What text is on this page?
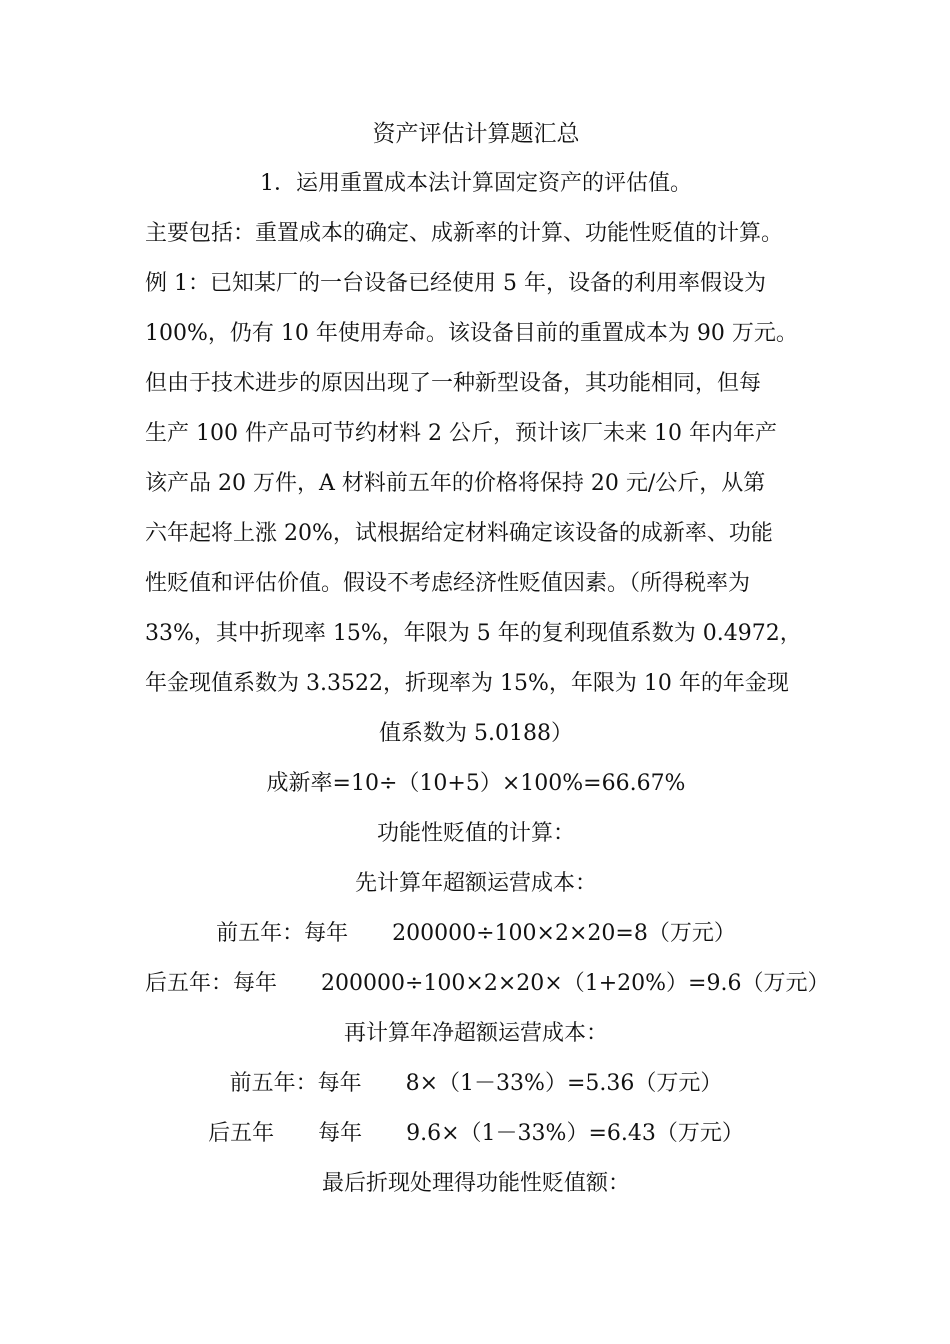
资产评估计算题汇总
1．运用重置成本法计算固定资产的评估值。
主要包括：重置成本的确定、成新率的计算、功能性贬值的计算。
例 1：已知某厂的一台设备已经使用 5 年，设备的利用率假设为
100%，仍有 10 年使用寿命。该设备目前的重置成本为 90 万元。
但由于技术进步的原因出现了一种新型设备，其功能相同，但每
生产 100 件产品可节约材料 2 公斤，预计该厂未来 10 年内年产
该产品 20 万件，A 材料前五年的价格将保持 20 元/公斤，从第
六年起将上涨 20%，试根据给定材料确定该设备的成新率、功能
性贬值和评估价值。假设不考虑经济性贬值因素。（所得税率为
33%，其中折现率 15%，年限为 5 年的复利现值系数为 0.4972，
年金现值系数为 3.3522，折现率为 15%，年限为 10 年的年金现
值系数为 5.0188）
成新率=10÷（10+5）×100%=66.67%
功能性贬值的计算：
先计算年超额运营成本：
前五年：每年　　200000÷100×2×20=8（万元）
后五年：每年　　200000÷100×2×20×（1+20%）=9.6（万元）
再计算年净超额运营成本：
前五年：每年　　8×（1－33%）=5.36（万元）
后五年　　每年　　9.6×（1－33%）=6.43（万元）
最后折现处理得功能性贬值额：
